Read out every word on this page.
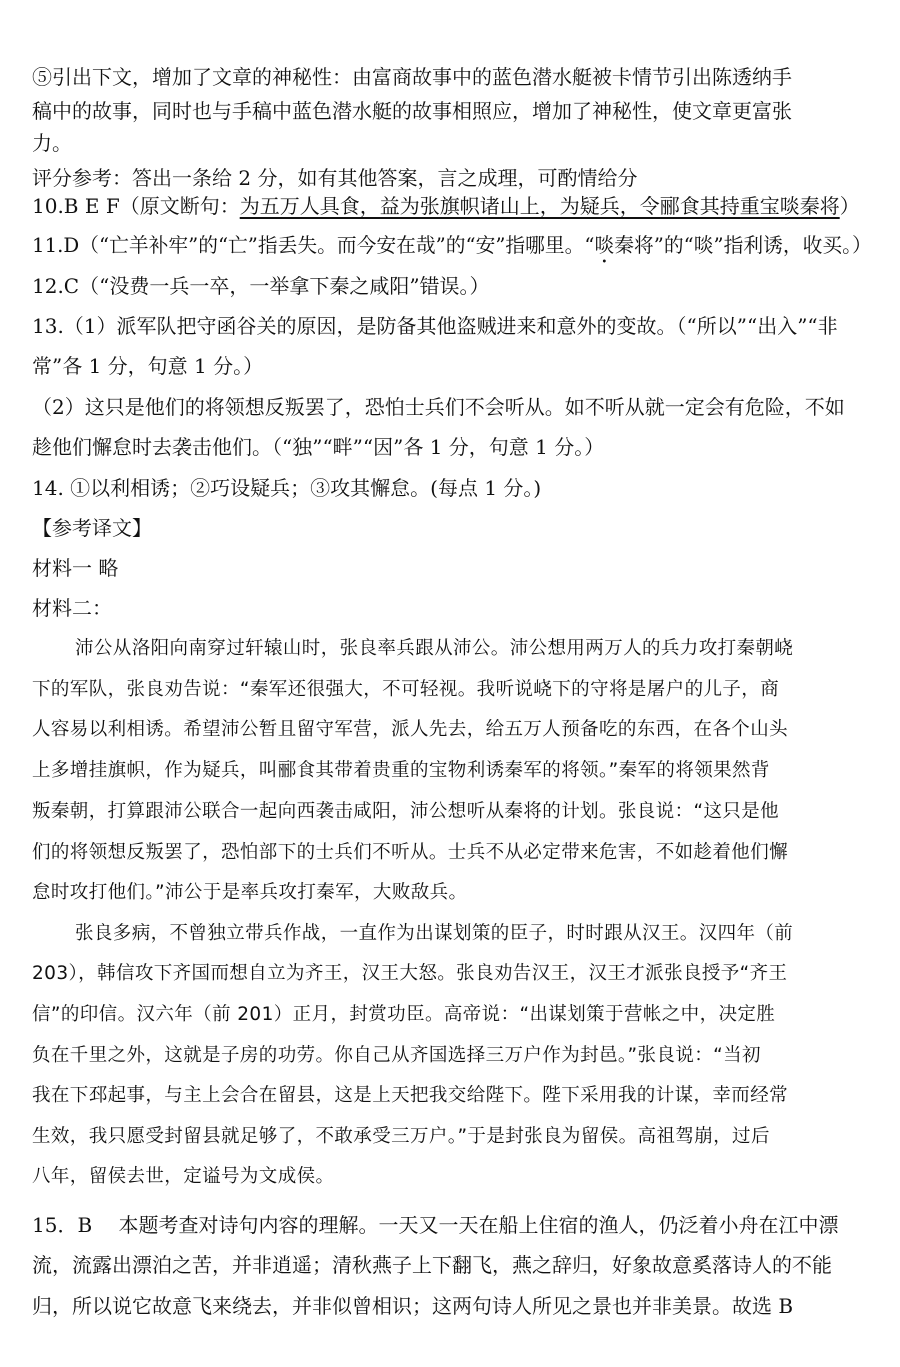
⑤引出下文，增加了文章的神秘性：由富商故事中的蓝色潜水艇被卡情节引出陈透纳手
稿中的故事，同时也与手稿中蓝色潜水艇的故事相照应，增加了神秘性，使文章更富张
力。
评分参考：答出一条给 2 分，如有其他答案，言之成理，可酌情给分
10.B E F（原文断句：为五万人具食，益为张旗帜诸山上，为疑兵，令郦食其持重宝啖秦将）
11.D（“亡羊补牢”的“亡”指丢失。而今安在哉”的“安”指哪里。“啖秦将”的“啖”指利诱，收买。）
12.C（“没费一兵一卒，一举拿下秦之咸阳”错误。）
13.（1）派军队把守函谷关的原因，是防备其他盗贼进来和意外的变故。（“所以”“出入”“非
常”各 1 分，句意 1 分。）
（2）这只是他们的将领想反叛罢了，恐怕士兵们不会听从。如不听从就一定会有危险，不如
趁他们懈怠时去袭击他们。（“独”“畔”“因”各 1 分，句意 1 分。）
14. ①以利相诱；②巧设疑兵；③攻其懈怠。(每点 1 分。)
【参考译文】
材料一 略
材料二：
沛公从洛阳向南穿过轩辕山时，张良率兵跟从沛公。沛公想用两万人的兵力攻打秦朝峣
下的军队，张良劝告说：“秦军还很强大，不可轻视。我听说峣下的守将是屠户的儿子，商
人容易以利相诱。希望沛公暂且留守军营，派人先去，给五万人预备吃的东西，在各个山头
上多增挂旗帜，作为疑兵，叫郦食其带着贵重的宝物利诱秦军的将领。”秦军的将领果然背
叛秦朝，打算跟沛公联合一起向西袭击咸阳，沛公想听从秦将的计划。张良说：“这只是他
们的将领想反叛罢了，恐怕部下的士兵们不听从。士兵不从必定带来危害，不如趁着他们懈
怠时攻打他们。”沛公于是率兵攻打秦军，大败敌兵。
张良多病，不曾独立带兵作战，一直作为出谋划策的臣子，时时跟从汉王。汉四年（前
203），韩信攻下齐国而想自立为齐王，汉王大怒。张良劝告汉王，汉王才派张良授予“齐王
信”的印信。汉六年（前 201）正月，封赏功臣。高帝说：“出谋划策于营帐之中，决定胜
负在千里之外，这就是子房的功劳。你自己从齐国选择三万户作为封邑。”张良说：“当初
我在下邳起事，与主上会合在留县，这是上天把我交给陛下。陛下采用我的计谋，幸而经常
生效，我只愿受封留县就足够了，不敢承受三万户。”于是封张良为留侯。高祖驾崩，过后
八年，留侯去世，定谥号为文成侯。
15．B　 本题考查对诗句内容的理解。一天又一天在船上住宿的渔人，仍泛着小舟在江中漂
流，流露出漂泊之苦，并非逍遥；清秋燕子上下翻飞，燕之辞归，好象故意奚落诗人的不能
归，所以说它故意飞来绕去，并非似曾相识；这两句诗人所见之景也并非美景。故选 B
